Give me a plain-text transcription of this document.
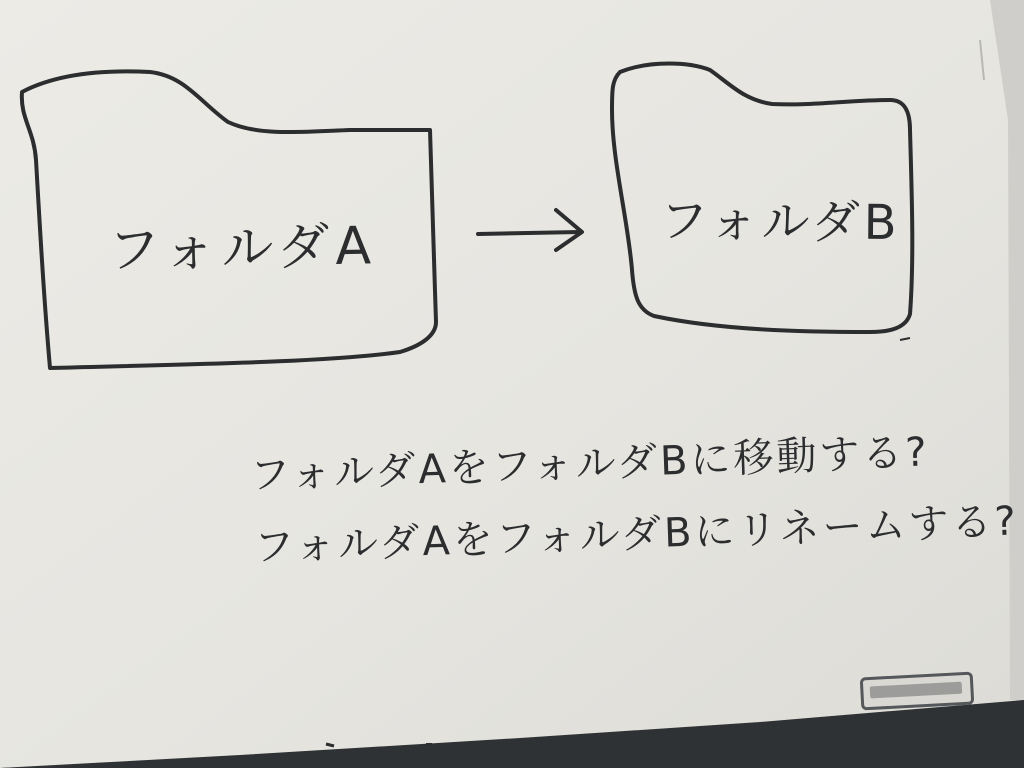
フォルダA	フォルダB
フォルダAをフォルダBに移動する?
フォルダAをフォルダBにリネームする?
